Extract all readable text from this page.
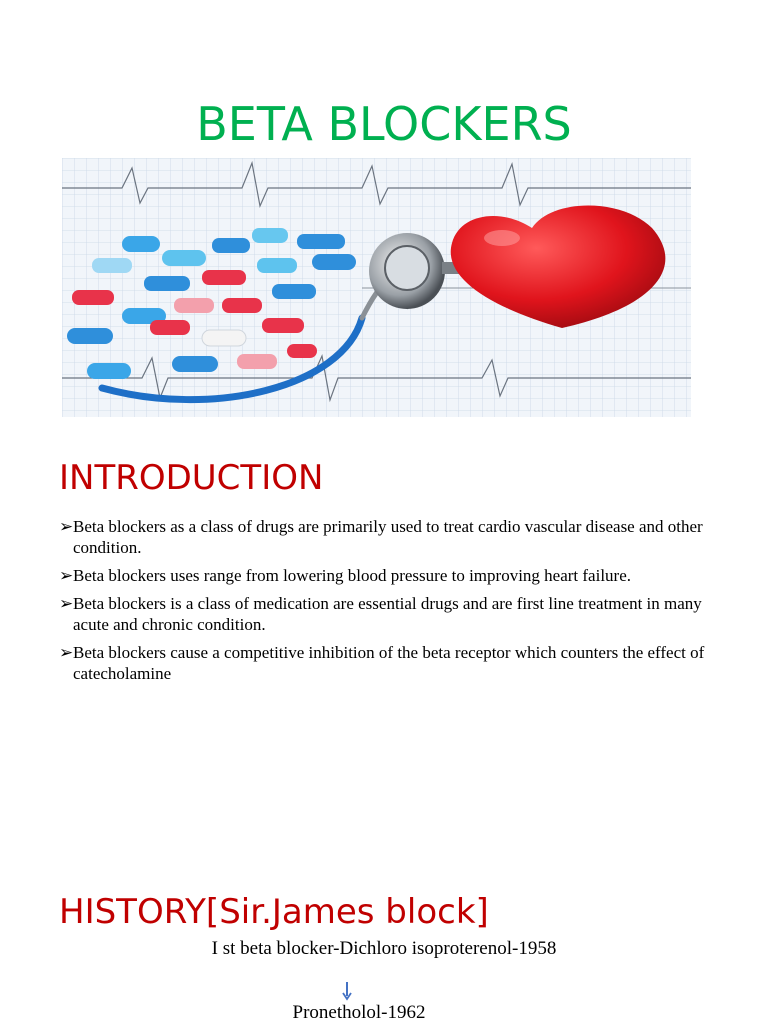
BETA BLOCKERS
INTRODUCTION
➢ Beta blockers as a class of drugs are primarily used to treat cardio vascular disease and other condition.
➢ Beta blockers uses range from lowering blood pressure to improving heart failure.
➢ Beta blockers is a class of medication are essential drugs and are first line treatment in many acute and chronic condition.
➢ Beta blockers cause a competitive inhibition of the beta receptor which counters the effect of catecholamine
HISTORY[Sir.James block]
I st beta blocker-Dichloro isoproterenol-1958
Pronetholol-1962
